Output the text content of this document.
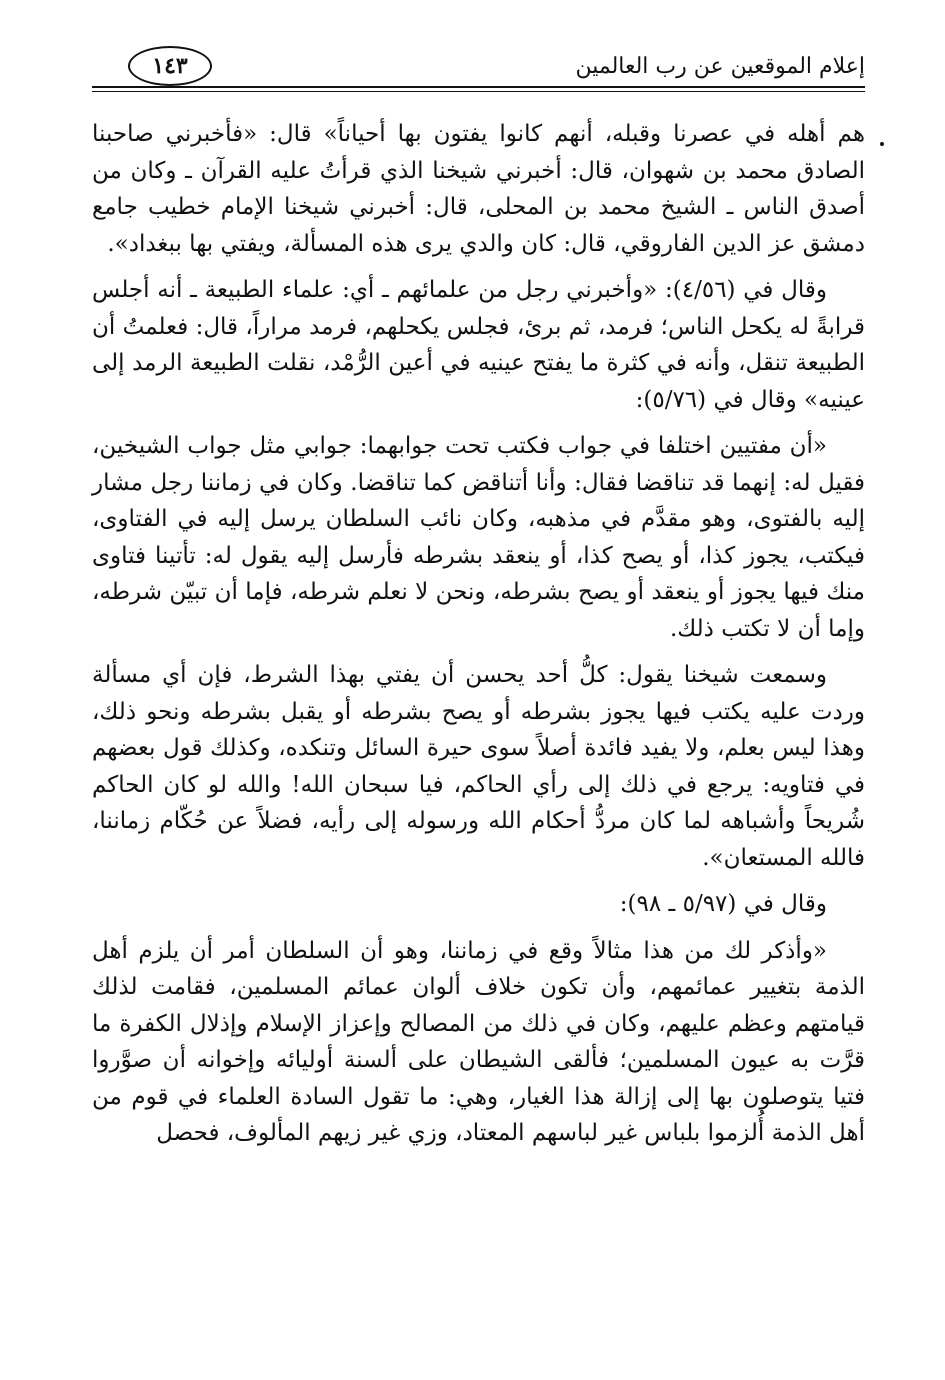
إعلام الموقعين عن رب العالمين
١٤٣

هم أهله في عصرنا وقبله، أنهم كانوا يفتون بها أحياناً» قال: «فأخبرني صاحبنا الصادق محمد بن شهوان، قال: أخبرني شيخنا الذي قرأتُ عليه القرآن ـ وكان من أصدق الناس ـ الشيخ محمد بن المحلى، قال: أخبرني شيخنا الإمام خطيب جامع دمشق عز الدين الفاروقي، قال: كان والدي يرى هذه المسألة، ويفتي بها ببغداد».

وقال في (٤/٥٦): «وأخبرني رجل من علمائهم ـ أي: علماء الطبيعة ـ أنه أجلس قرابةً له يكحل الناس؛ فرمد، ثم برئ، فجلس يكحلهم، فرمد مراراً، قال: فعلمتُ أن الطبيعة تنقل، وأنه في كثرة ما يفتح عينيه في أعين الرُّمْد، نقلت الطبيعة الرمد إلى عينيه» وقال في (٥/٧٦):

«أن مفتيين اختلفا في جواب فكتب تحت جوابهما: جوابي مثل جواب الشيخين، فقيل له: إنهما قد تناقضا فقال: وأنا أتناقض كما تناقضا. وكان في زماننا رجل مشار إليه بالفتوى، وهو مقدَّم في مذهبه، وكان نائب السلطان يرسل إليه في الفتاوى، فيكتب، يجوز كذا، أو يصح كذا، أو ينعقد بشرطه فأرسل إليه يقول له: تأتينا فتاوى منك فيها يجوز أو ينعقد أو يصح بشرطه، ونحن لا نعلم شرطه، فإما أن تبيّن شرطه، وإما أن لا تكتب ذلك.

وسمعت شيخنا يقول: كلُّ أحد يحسن أن يفتي بهذا الشرط، فإن أي مسألة وردت عليه يكتب فيها يجوز بشرطه أو يصح بشرطه أو يقبل بشرطه ونحو ذلك، وهذا ليس بعلم، ولا يفيد فائدة أصلاً سوى حيرة السائل وتنكده، وكذلك قول بعضهم في فتاويه: يرجع في ذلك إلى رأي الحاكم، فيا سبحان الله! والله لو كان الحاكم شُريحاً وأشباهه لما كان مردُّ أحكام الله ورسوله إلى رأيه، فضلاً عن حُكّام زماننا، فالله المستعان».

وقال في (٥/٩٧ ـ ٩٨):

«وأذكر لك من هذا مثالاً وقع في زماننا، وهو أن السلطان أمر أن يلزم أهل الذمة بتغيير عمائمهم، وأن تكون خلاف ألوان عمائم المسلمين، فقامت لذلك قيامتهم وعظم عليهم، وكان في ذلك من المصالح وإعزاز الإسلام وإذلال الكفرة ما قرَّت به عيون المسلمين؛ فألقى الشيطان على ألسنة أوليائه وإخوانه أن صوَّروا فتيا يتوصلون بها إلى إزالة هذا الغيار، وهي: ما تقول السادة العلماء في قوم من أهل الذمة أُلزموا بلباس غير لباسهم المعتاد، وزي غير زيهم المألوف، فحصل
